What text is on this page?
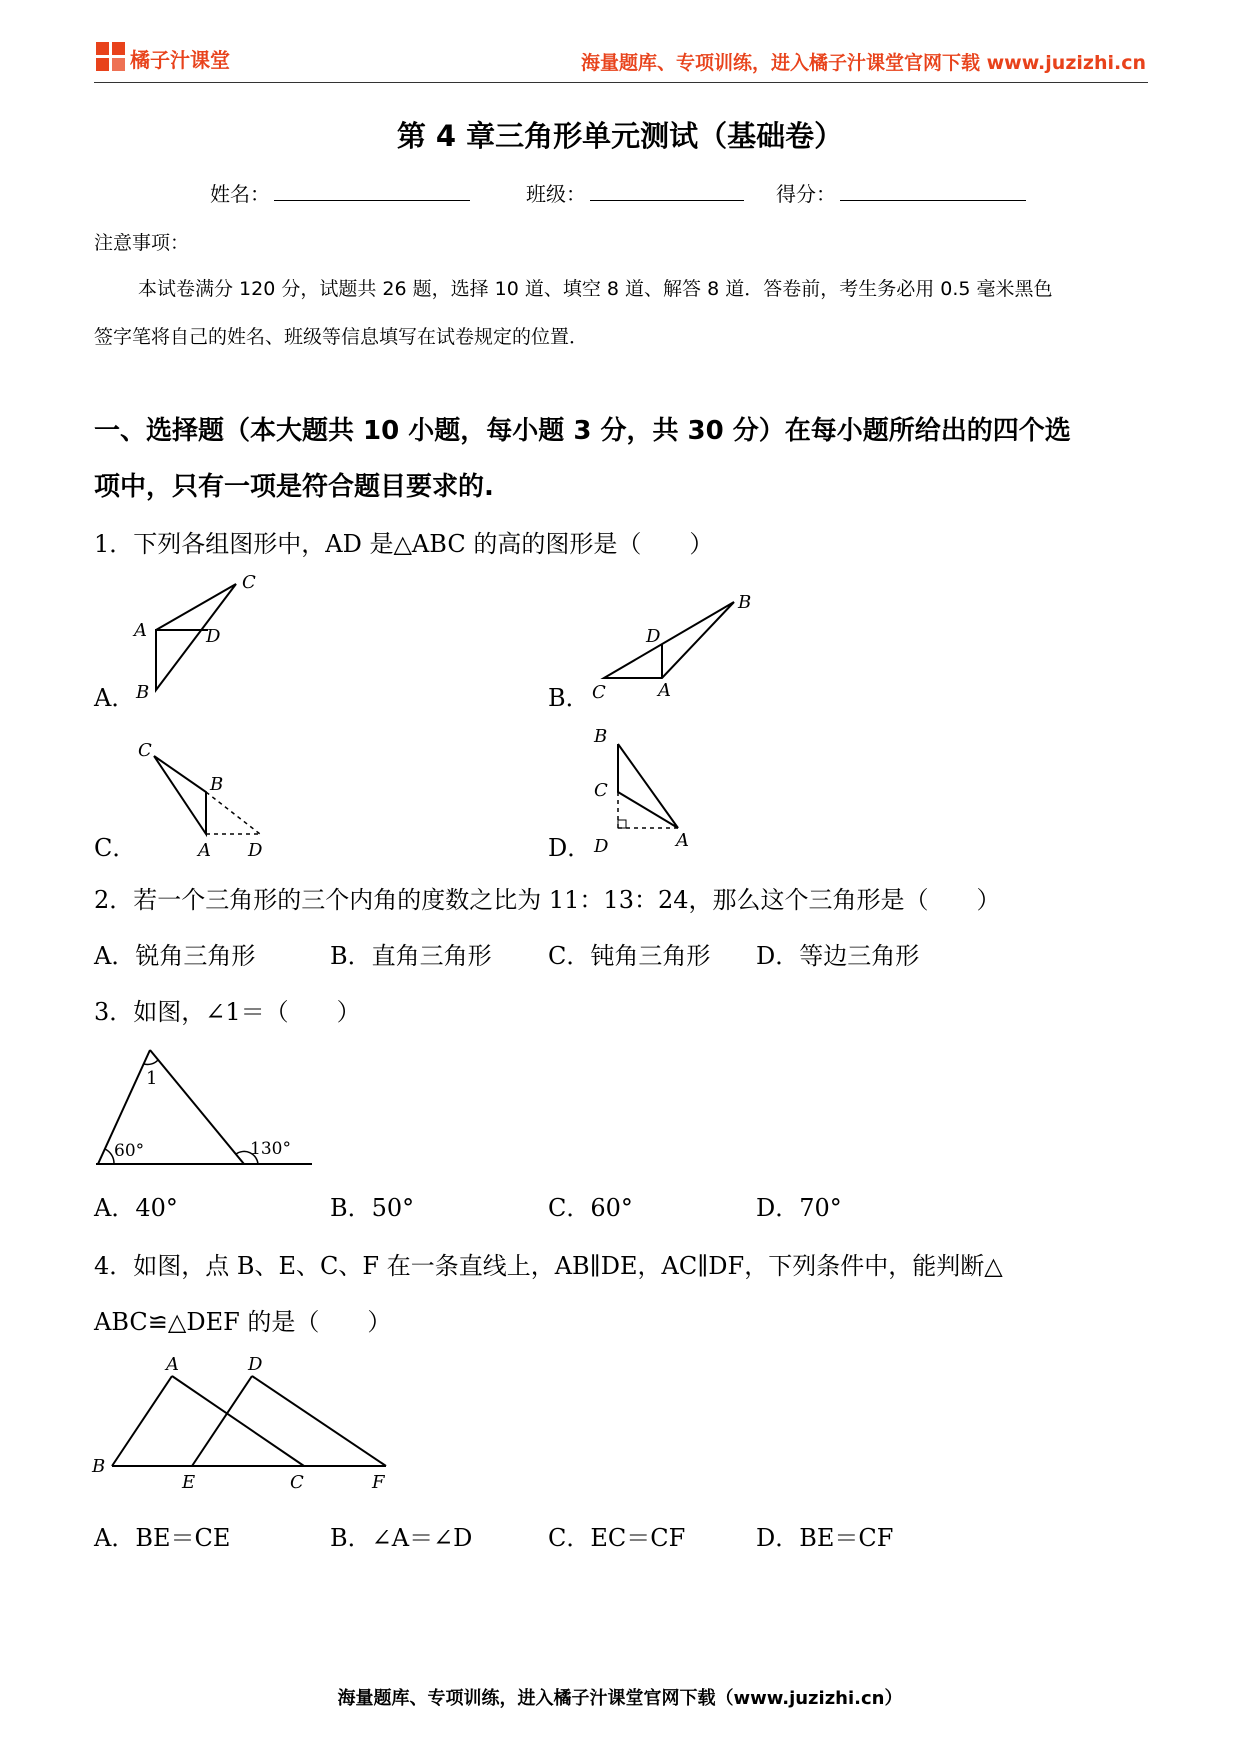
橘子汁课堂	海量题库、专项训练，进入橘子汁课堂官网下载 www.juzizhi.cn
第 4 章三角形单元测试（基础卷）
姓名：	班级：	得分：
注意事项：
本试卷满分 120 分，试题共 26 题，选择 10 道、填空 8 道、解答 8 道．答卷前，考生务必用 0.5 毫米黑色
签字笔将自己的姓名、班级等信息填写在试卷规定的位置．
一、选择题（本大题共 10 小题，每小题 3 分，共 30 分）在每小题所给出的四个选
项中，只有一项是符合题目要求的.
1．下列各组图形中，AD 是△ABC 的高的图形是（　　）
A．
A
B
C
D
B． C	A
B
D
C．
C
B
A D	D．
B
C
D	A
2．若一个三角形的三个内角的度数之比为 11：13：24，那么这个三角形是（　　）
A．锐角三角形	B．直角三角形 C．钝角三角形 D．等边三角形
3．如图，∠1＝（　　）
1
60°	130°
A．40°	B．50°	C．60°	D．70°
4．如图，点 B、E、C、F 在一条直线上，AB∥DE，AC∥DF，下列条件中，能判断△
ABC≌△DEF 的是（　　）
A	D
B
E	C	F
A．BE＝CE	B．∠A＝∠D	C．EC＝CF	D．BE＝CF
海量题库、专项训练，进入橘子汁课堂官网下载（www.juzizhi.cn）
